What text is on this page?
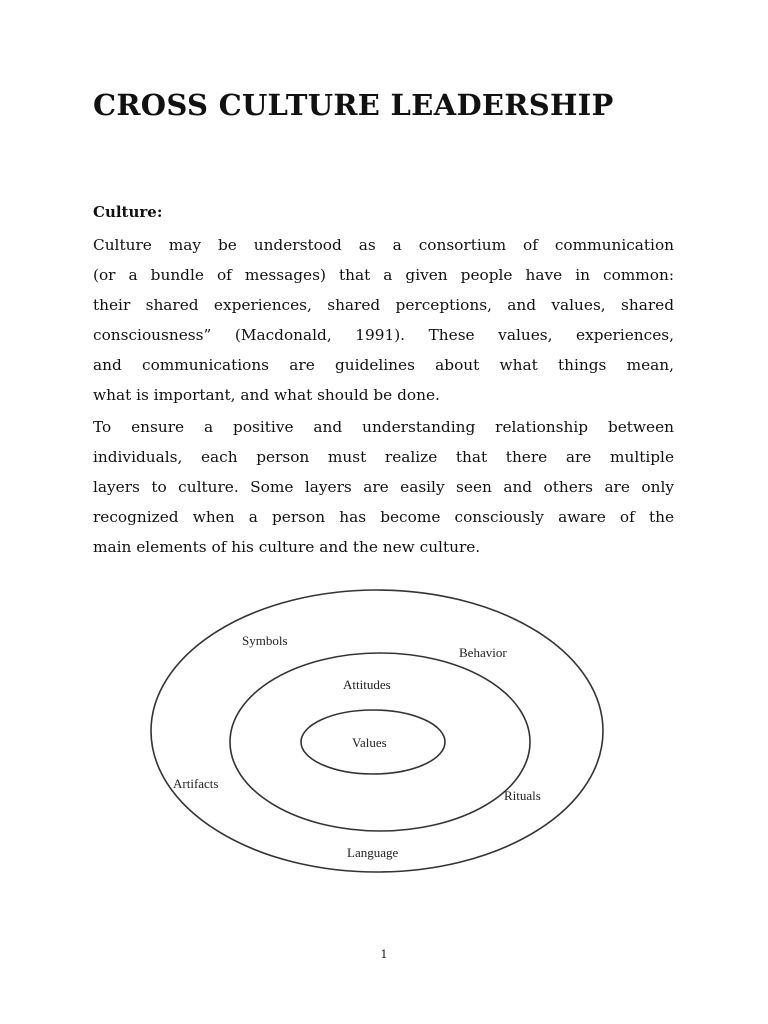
CROSS CULTURE LEADERSHIP
Culture:

Culture may be understood as a consortium of communication
(or a bundle of messages) that a given people have in common:
their shared experiences, shared perceptions, and values, shared
consciousness” (Macdonald, 1991). These values, experiences,
and communications are guidelines about what things mean,
what is important, and what should be done.

To ensure a positive and understanding relationship between
individuals, each person must realize that there are multiple
layers to culture. Some layers are easily seen and others are only
recognized when a person has become consciously aware of the
main elements of his culture and the new culture.

Symbols
Behavior
Attitudes
Values
Artifacts
Rituals
Language
1
